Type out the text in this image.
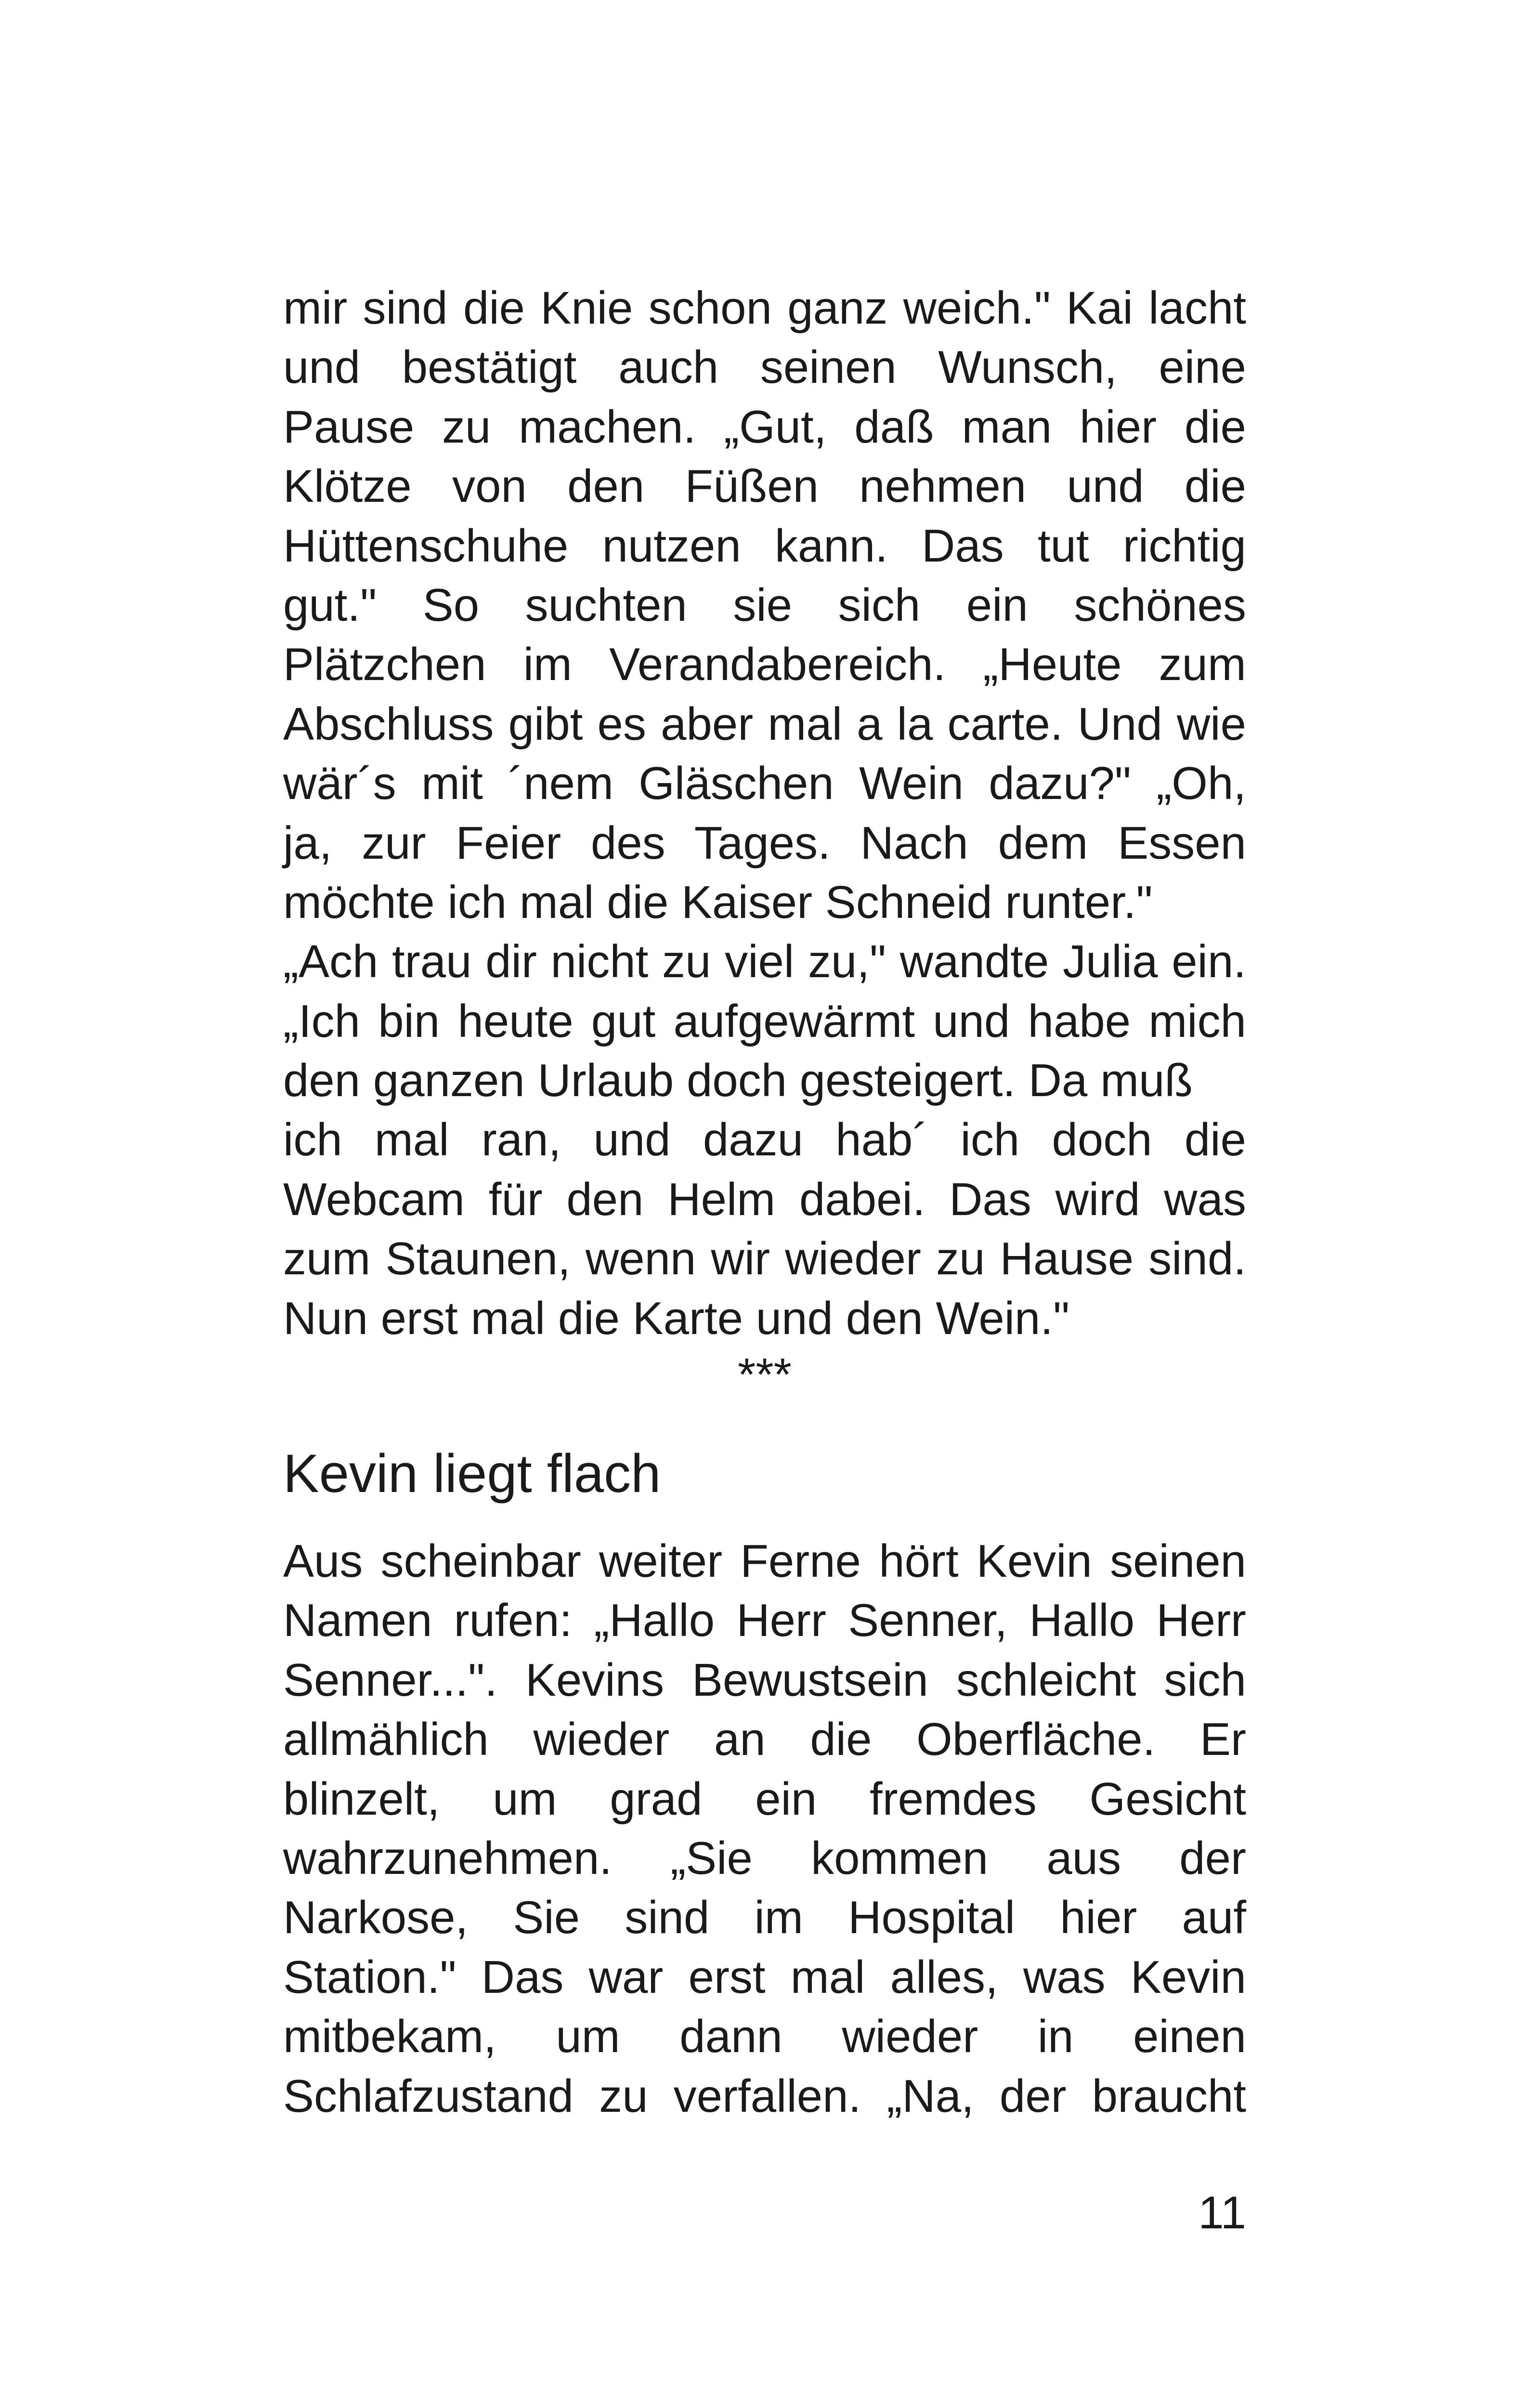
mir sind die Knie schon ganz weich." Kai lacht
und bestätigt auch seinen Wunsch, eine
Pause zu machen. „Gut, daß man hier die
Klötze von den Füßen nehmen und die
Hüttenschuhe nutzen kann. Das tut richtig
gut." So suchten sie sich ein schönes
Plätzchen im Verandabereich. „Heute zum
Abschluss gibt es aber mal a la carte. Und wie
wär´s mit ´nem Gläschen Wein dazu?" „Oh,
ja, zur Feier des Tages. Nach dem Essen
möchte ich mal die Kaiser Schneid runter."
„Ach trau dir nicht zu viel zu," wandte Julia ein.
„Ich bin heute gut aufgewärmt und habe mich
den ganzen Urlaub doch gesteigert. Da muß
ich mal ran, und dazu hab´ ich doch die
Webcam für den Helm dabei. Das wird was
zum Staunen, wenn wir wieder zu Hause sind.
Nun erst mal die Karte und den Wein."

***
Kevin liegt flach

Aus scheinbar weiter Ferne hört Kevin seinen
Namen rufen: „Hallo Herr Senner, Hallo Herr
Senner...". Kevins Bewustsein schleicht sich
allmählich wieder an die Oberfläche. Er
blinzelt, um grad ein fremdes Gesicht
wahrzunehmen. „Sie kommen aus der
Narkose, Sie sind im Hospital hier auf
Station." Das war erst mal alles, was Kevin
mitbekam, um dann wieder in einen
Schlafzustand zu verfallen. „Na, der braucht

11
